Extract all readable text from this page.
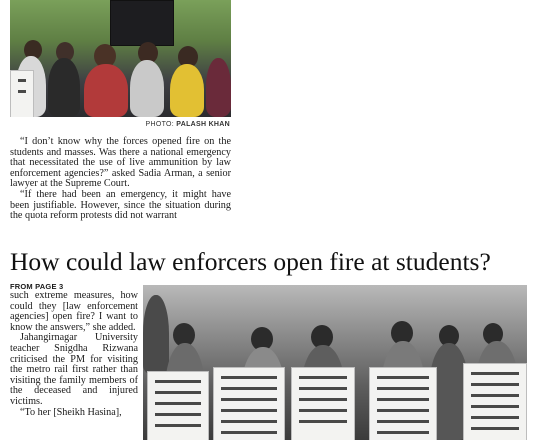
PHOTO: PALASH KHAN

“I don’t know why the forces opened fire on the students and masses. Was there a national emergency that necessitated the use of live ammunition by law enforcement agencies?” asked Sadia Arman, a senior lawyer at the Supreme Court.

“If there had been an emergency, it might have been justifiable. However, since the situation during the quota reform protests did not warrant

How could law enforcers open fire at students?
FROM PAGE 3

such extreme measures, how could they [law enforcement agencies] open fire? I want to know the answers,” she added.

Jahangirnagar University teacher Snigdha Rizwana criticised the PM for visiting the metro rail first rather than visiting the family members of the deceased and injured victims.

“To her [Sheikh Hasina],
